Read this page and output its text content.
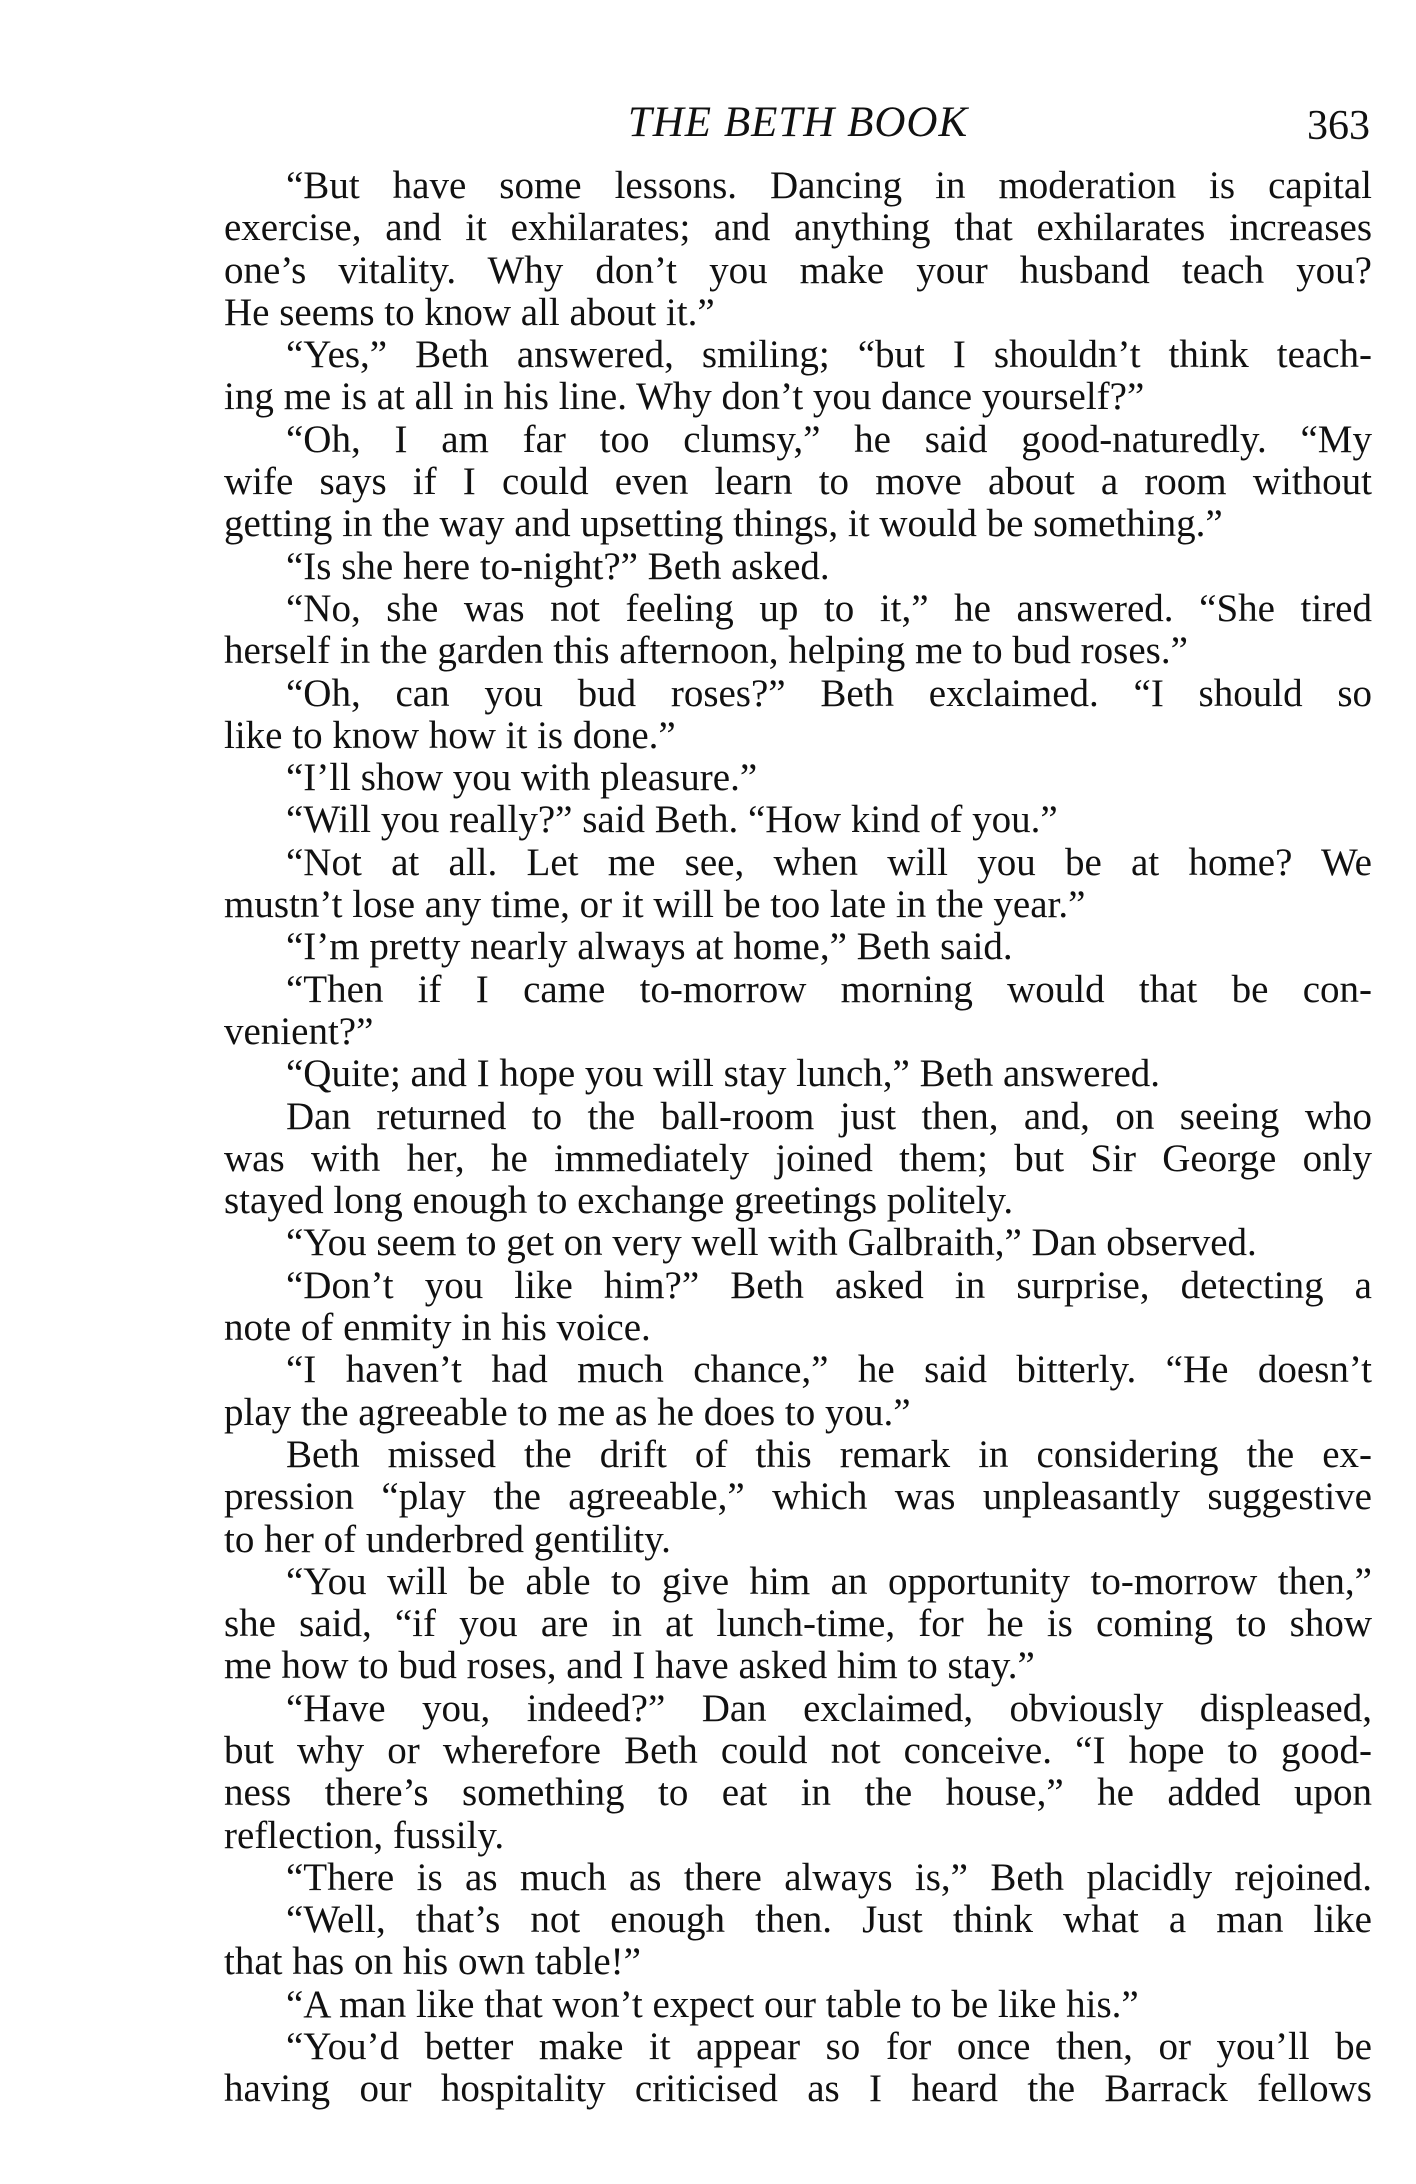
THE BETH BOOK	363
“But have some lessons. Dancing in moderation is capital
exercise, and it exhilarates; and anything that exhilarates increases
one’s vitality. Why don’t you make your husband teach you?
He seems to know all about it.”
“Yes,” Beth answered, smiling; “but I shouldn’t think teach-
ing me is at all in his line. Why don’t you dance yourself?”
“Oh, I am far too clumsy,” he said good-naturedly. “My
wife says if I could even learn to move about a room without
getting in the way and upsetting things, it would be something.”
“Is she here to-night?” Beth asked.
“No, she was not feeling up to it,” he answered. “She tired
herself in the garden this afternoon, helping me to bud roses.”
“Oh, can you bud roses?” Beth exclaimed. “I should so
like to know how it is done.”
“I’ll show you with pleasure.”
“Will you really?” said Beth. “How kind of you.”
“Not at all. Let me see, when will you be at home? We
mustn’t lose any time, or it will be too late in the year.”
“I’m pretty nearly always at home,” Beth said.
“Then if I came to-morrow morning would that be con-
venient?”
“Quite; and I hope you will stay lunch,” Beth answered.
Dan returned to the ball-room just then, and, on seeing who
was with her, he immediately joined them; but Sir George only
stayed long enough to exchange greetings politely.
“You seem to get on very well with Galbraith,” Dan observed.
“Don’t you like him?” Beth asked in surprise, detecting a
note of enmity in his voice.
“I haven’t had much chance,” he said bitterly. “He doesn’t
play the agreeable to me as he does to you.”
Beth missed the drift of this remark in considering the ex-
pression “play the agreeable,” which was unpleasantly suggestive
to her of underbred gentility.
“You will be able to give him an opportunity to-morrow then,”
she said, “if you are in at lunch-time, for he is coming to show
me how to bud roses, and I have asked him to stay.”
“Have you, indeed?” Dan exclaimed, obviously displeased,
but why or wherefore Beth could not conceive. “I hope to good-
ness there’s something to eat in the house,” he added upon
reflection, fussily.
“There is as much as there always is,” Beth placidly rejoined.
“Well, that’s not enough then. Just think what a man like
that has on his own table!”
“A man like that won’t expect our table to be like his.”
“You’d better make it appear so for once then, or you’ll be
having our hospitality criticised as I heard the Barrack fellows
